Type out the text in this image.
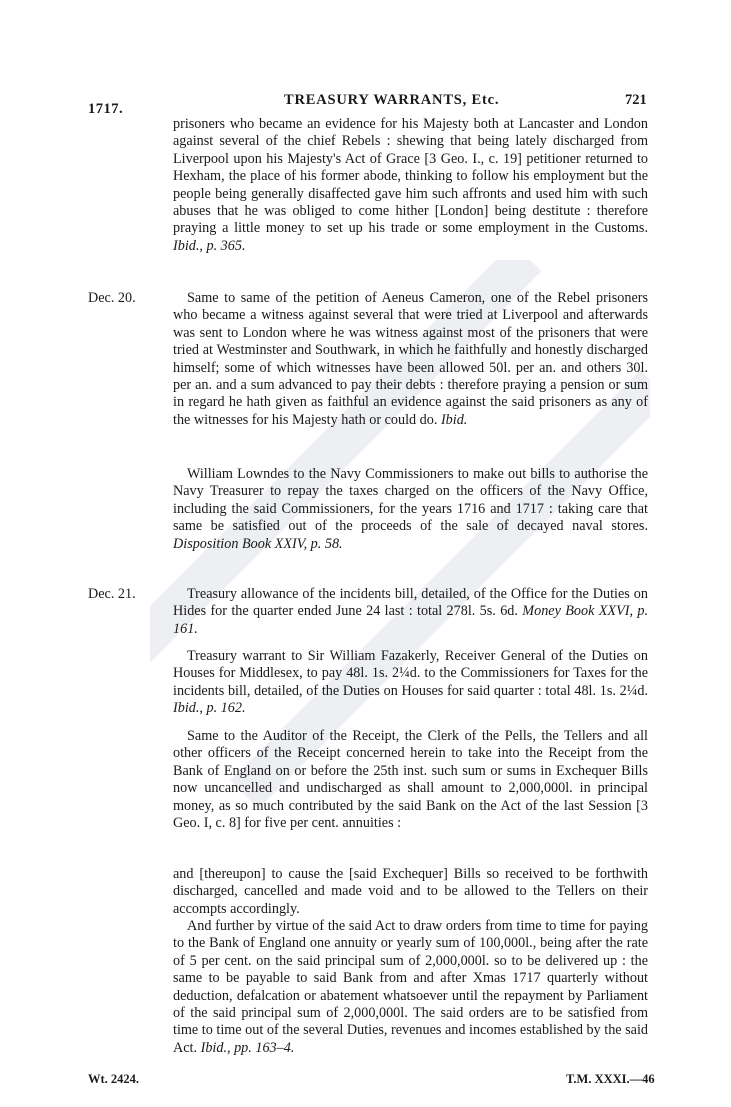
1717.
TREASURY WARRANTS, Etc.	721
prisoners who became an evidence for his Majesty both at Lancaster and London against several of the chief Rebels : shewing that being lately discharged from Liverpool upon his Majesty's Act of Grace [3 Geo. I., c. 19] petitioner returned to Hexham, the place of his former abode, thinking to follow his employment but the people being generally disaffected gave him such affronts and used him with such abuses that he was obliged to come hither [London] being destitute : therefore praying a little money to set up his trade or some employment in the Customs. Ibid., p. 365.
Dec. 20.	Same to same of the petition of Aeneus Cameron, one of the Rebel prisoners who became a witness against several that were tried at Liverpool and afterwards was sent to London where he was witness against most of the prisoners that were tried at Westminster and Southwark, in which he faithfully and honestly discharged himself; some of which witnesses have been allowed 50l. per an. and others 30l. per an. and a sum advanced to pay their debts : therefore praying a pension or sum in regard he hath given as faithful an evidence against the said prisoners as any of the witnesses for his Majesty hath or could do. Ibid.
William Lowndes to the Navy Commissioners to make out bills to authorise the Navy Treasurer to repay the taxes charged on the officers of the Navy Office, including the said Commissioners, for the years 1716 and 1717 : taking care that same be satisfied out of the proceeds of the sale of decayed naval stores. Disposition Book XXIV, p. 58.
Dec. 21.	Treasury allowance of the incidents bill, detailed, of the Office for the Duties on Hides for the quarter ended June 24 last : total 278l. 5s. 6d. Money Book XXVI, p. 161.
Treasury warrant to Sir William Fazakerly, Receiver General of the Duties on Houses for Middlesex, to pay 48l. 1s. 2¼d. to the Commissioners for Taxes for the incidents bill, detailed, of the Duties on Houses for said quarter : total 48l. 1s. 2¼d. Ibid., p. 162.
Same to the Auditor of the Receipt, the Clerk of the Pells, the Tellers and all other officers of the Receipt concerned herein to take into the Receipt from the Bank of England on or before the 25th inst. such sum or sums in Exchequer Bills now uncancelled and undischarged as shall amount to 2,000,000l. in principal money, as so much contributed by the said Bank on the Act of the last Session [3 Geo. I, c. 8] for five per cent. annuities :
and [thereupon] to cause the [said Exchequer] Bills so received to be forthwith discharged, cancelled and made void and to be allowed to the Tellers on their accompts accordingly.
And further by virtue of the said Act to draw orders from time to time for paying to the Bank of England one annuity or yearly sum of 100,000l., being after the rate of 5 per cent. on the said principal sum of 2,000,000l. so to be delivered up : the same to be payable to said Bank from and after Xmas 1717 quarterly without deduction, defalcation or abatement whatsoever until the repayment by Parliament of the said principal sum of 2,000,000l. The said orders are to be satisfied from time to time out of the several Duties, revenues and incomes established by the said Act. Ibid., pp. 163–4.
Wt. 2424.	T.M. XXXI.—46
